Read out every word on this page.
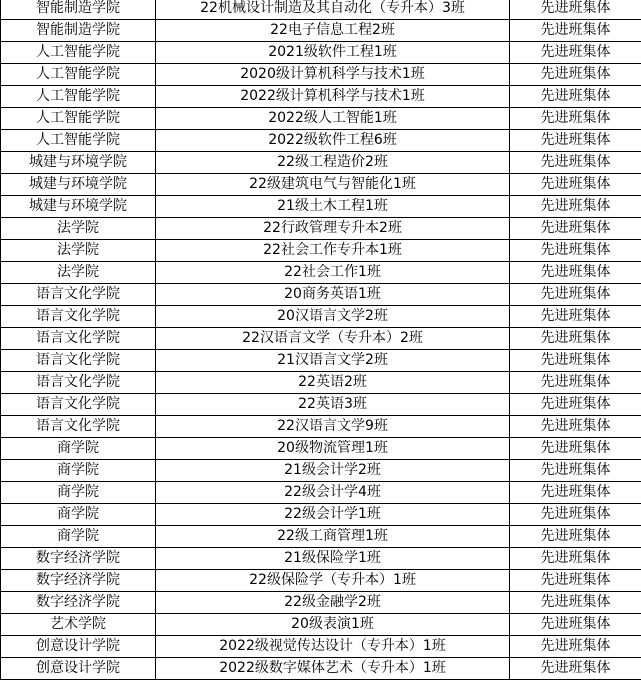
智能制造学院	22机械设计制造及其自动化（专升本）3班	先进班集体
智能制造学院	22电子信息工程2班	先进班集体
人工智能学院	2021级软件工程1班	先进班集体
人工智能学院	2020级计算机科学与技术1班	先进班集体
人工智能学院	2022级计算机科学与技术1班	先进班集体
人工智能学院	2022级人工智能1班	先进班集体
人工智能学院	2022级软件工程6班	先进班集体
城建与环境学院	22级工程造价2班	先进班集体
城建与环境学院	22级建筑电气与智能化1班	先进班集体
城建与环境学院	21级土木工程1班	先进班集体
法学院	22行政管理专升本2班	先进班集体
法学院	22社会工作专升本1班	先进班集体
法学院	22社会工作1班	先进班集体
语言文化学院	20商务英语1班	先进班集体
语言文化学院	20汉语言文学2班	先进班集体
语言文化学院	22汉语言文学（专升本）2班	先进班集体
语言文化学院	21汉语言文学2班	先进班集体
语言文化学院	22英语2班	先进班集体
语言文化学院	22英语3班	先进班集体
语言文化学院	22汉语言文学9班	先进班集体
商学院	20级物流管理1班	先进班集体
商学院	21级会计学2班	先进班集体
商学院	22级会计学4班	先进班集体
商学院	22级会计学1班	先进班集体
商学院	22级工商管理1班	先进班集体
数字经济学院	21级保险学1班	先进班集体
数字经济学院	22级保险学（专升本）1班	先进班集体
数字经济学院	22级金融学2班	先进班集体
艺术学院	20级表演1班	先进班集体
创意设计学院	2022级视觉传达设计（专升本）1班	先进班集体
创意设计学院	2022级数字媒体艺术（专升本）1班	先进班集体
